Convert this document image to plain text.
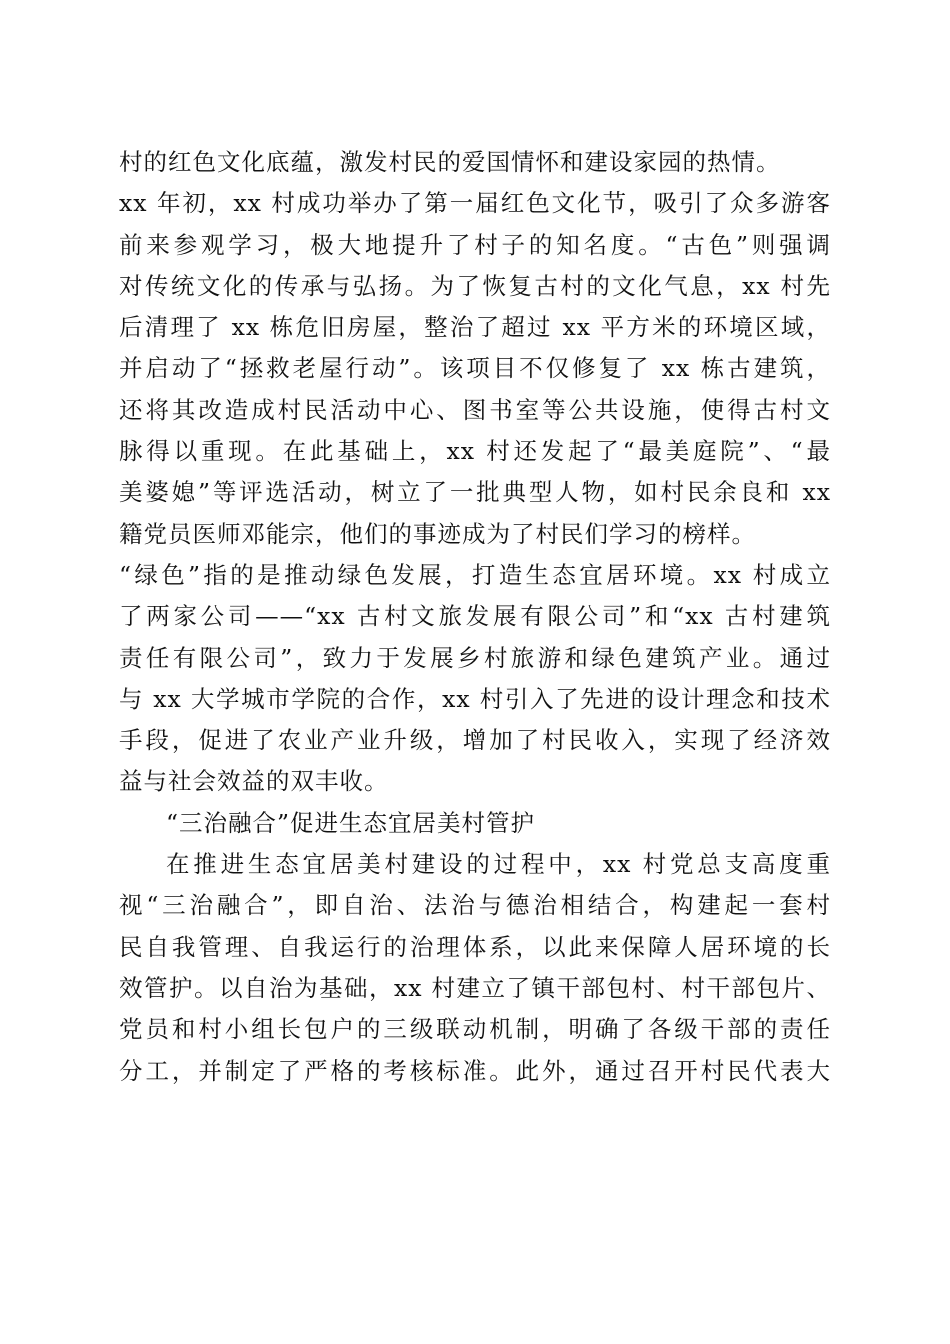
村的红色文化底蕴，激发村民的爱国情怀和建设家园的热情。
xx 年初，xx 村成功举办了第一届红色文化节，吸引了众多游客
前来参观学习，极大地提升了村子的知名度。“古色”则强调
对传统文化的传承与弘扬。为了恢复古村的文化气息，xx 村先
后清理了 xx 栋危旧房屋，整治了超过 xx 平方米的环境区域，
并启动了“拯救老屋行动”。该项目不仅修复了 xx 栋古建筑，
还将其改造成村民活动中心、图书室等公共设施，使得古村文
脉得以重现。在此基础上，xx 村还发起了“最美庭院”、“最
美婆媳”等评选活动，树立了一批典型人物，如村民余良和 xx
籍党员医师邓能宗，他们的事迹成为了村民们学习的榜样。
“绿色”指的是推动绿色发展，打造生态宜居环境。xx 村成立
了两家公司——“xx 古村文旅发展有限公司”和“xx 古村建筑
责任有限公司”，致力于发展乡村旅游和绿色建筑产业。通过
与 xx 大学城市学院的合作，xx 村引入了先进的设计理念和技术
手段，促进了农业产业升级，增加了村民收入，实现了经济效
益与社会效益的双丰收。
“三治融合”促进生态宜居美村管护
在推进生态宜居美村建设的过程中，xx 村党总支高度重
视“三治融合”，即自治、法治与德治相结合，构建起一套村
民自我管理、自我运行的治理体系，以此来保障人居环境的长
效管护。以自治为基础，xx 村建立了镇干部包村、村干部包片、
党员和村小组长包户的三级联动机制，明确了各级干部的责任
分工，并制定了严格的考核标准。此外，通过召开村民代表大
